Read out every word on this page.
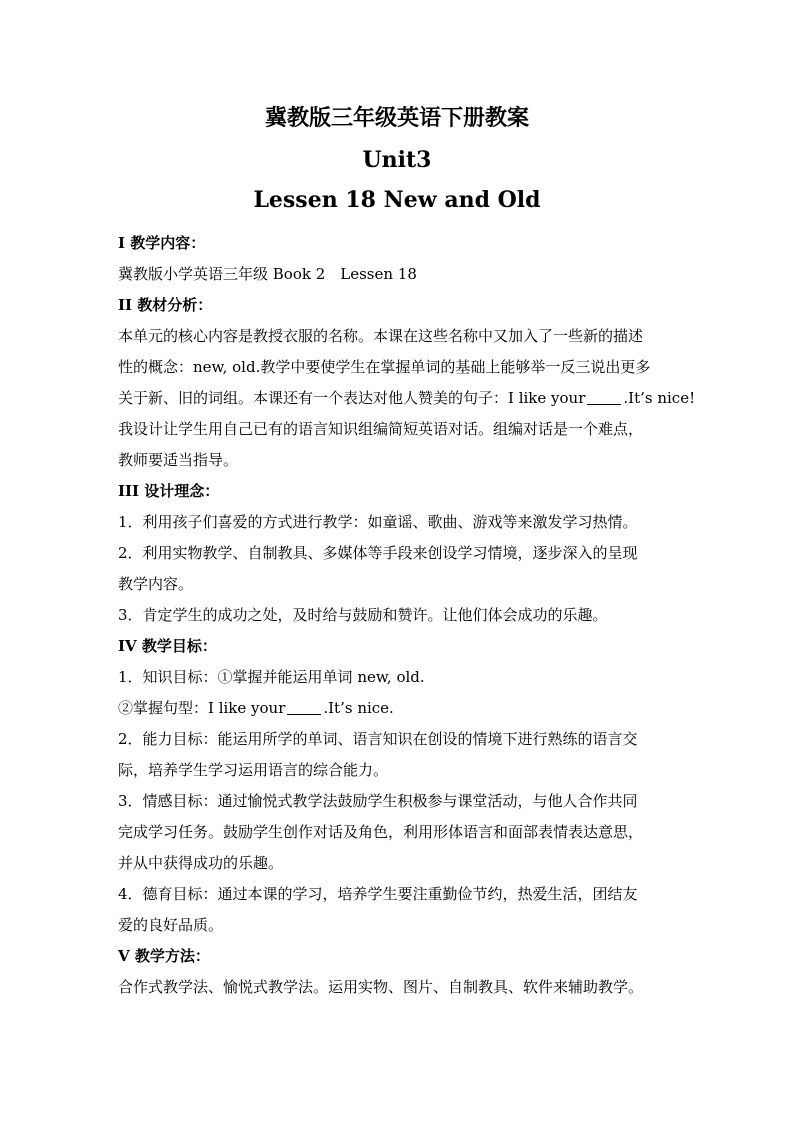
冀教版三年级英语下册教案
Unit3
Lessen 18 New and Old
I 教学内容：
冀教版小学英语三年级 Book 2　Lessen 18
II 教材分析：
本单元的核心内容是教授衣服的名称。本课在这些名称中又加入了一些新的描述
性的概念：new, old.教学中要使学生在掌握单词的基础上能够举一反三说出更多
关于新、旧的词组。本课还有一个表达对他人赞美的句子：I like your	.It’s nice!
我设计让学生用自己已有的语言知识组编简短英语对话。组编对话是一个难点，
教师要适当指导。
III 设计理念：
1．利用孩子们喜爱的方式进行教学：如童谣、歌曲、游戏等来激发学习热情。
2．利用实物教学、自制教具、多媒体等手段来创设学习情境，逐步深入的呈现
教学内容。
3．肯定学生的成功之处，及时给与鼓励和赞许。让他们体会成功的乐趣。
IV 教学目标：
1．知识目标：①掌握并能运用单词 new, old.
②掌握句型：I like your	.It’s nice.
2．能力目标：能运用所学的单词、语言知识在创设的情境下进行熟练的语言交
际，培养学生学习运用语言的综合能力。
3．情感目标：通过愉悦式教学法鼓励学生积极参与课堂活动，与他人合作共同
完成学习任务。鼓励学生创作对话及角色，利用形体语言和面部表情表达意思，
并从中获得成功的乐趣。
4．德育目标：通过本课的学习，培养学生要注重勤俭节约，热爱生活，团结友
爱的良好品质。
V 教学方法：
合作式教学法、愉悦式教学法。运用实物、图片、自制教具、软件来辅助教学。
